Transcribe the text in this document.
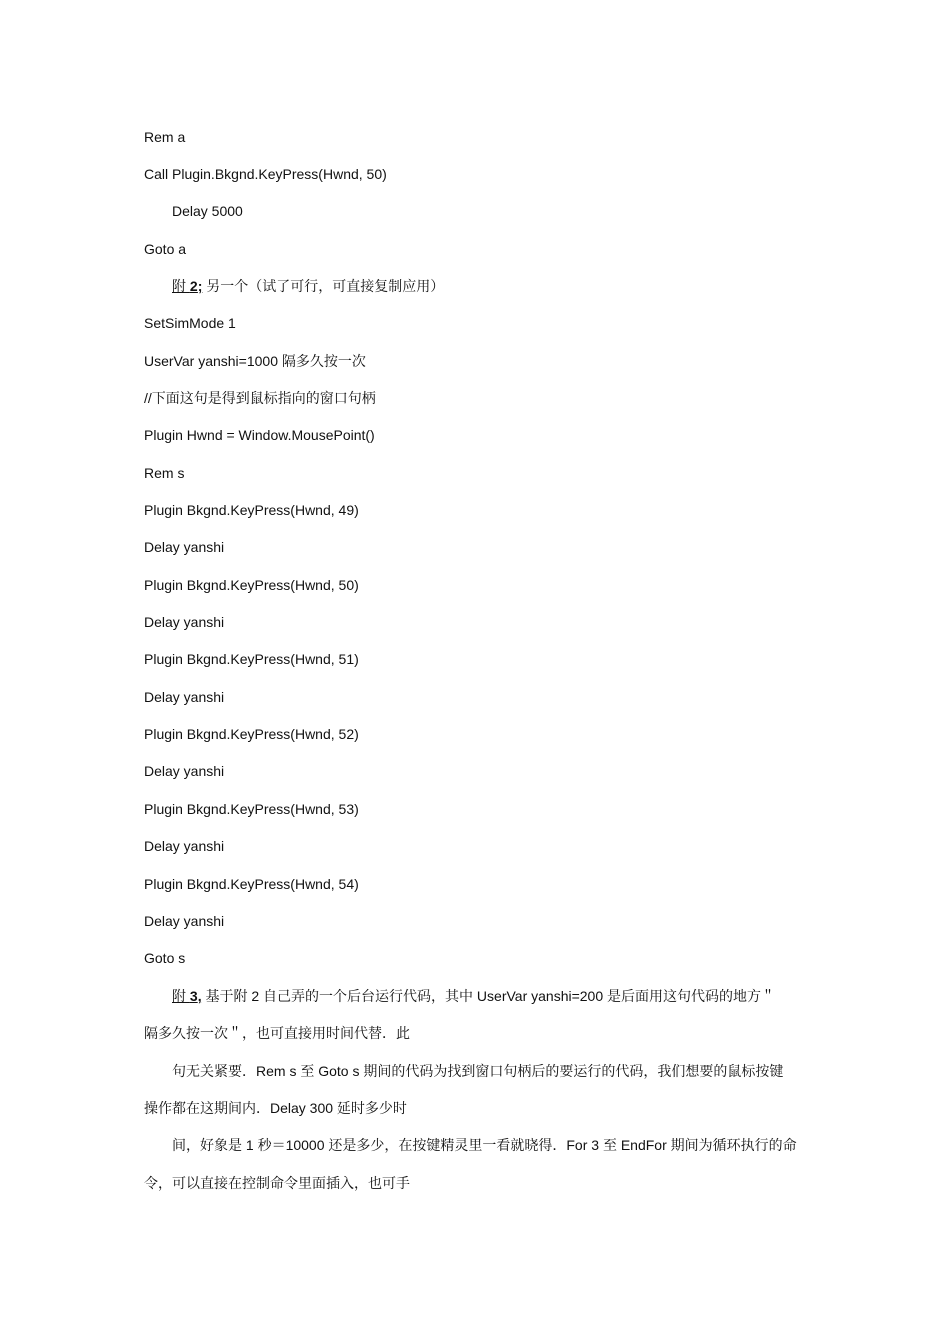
Rem a

Call Plugin.Bkgnd.KeyPress(Hwnd, 50)

Delay 5000

Goto a

附 2; 另一个（试了可行，可直接复制应用）

SetSimMode 1

UserVar yanshi=1000 隔多久按一次

//下面这句是得到鼠标指向的窗口句柄

Plugin Hwnd = Window.MousePoint()

Rem s

Plugin Bkgnd.KeyPress(Hwnd, 49)

Delay yanshi

Plugin Bkgnd.KeyPress(Hwnd, 50)

Delay yanshi

Plugin Bkgnd.KeyPress(Hwnd, 51)

Delay yanshi

Plugin Bkgnd.KeyPress(Hwnd, 52)

Delay yanshi

Plugin Bkgnd.KeyPress(Hwnd, 53)

Delay yanshi

Plugin Bkgnd.KeyPress(Hwnd, 54)

Delay yanshi

Goto s

附 3, 基于附 2 自己弄的一个后台运行代码，其中 UserVar yanshi=200 是后面用这句代码的地方＂

隔多久按一次＂，也可直接用时间代替．此

句无关紧要．Rem s 至 Goto s 期间的代码为找到窗口句柄后的要运行的代码，我们想要的鼠标按键

操作都在这期间内．Delay 300 延时多少时

间，好象是 1 秒＝10000 还是多少，在按键精灵里一看就晓得．For 3 至 EndFor 期间为循环执行的命

令，可以直接在控制命令里面插入，也可手
